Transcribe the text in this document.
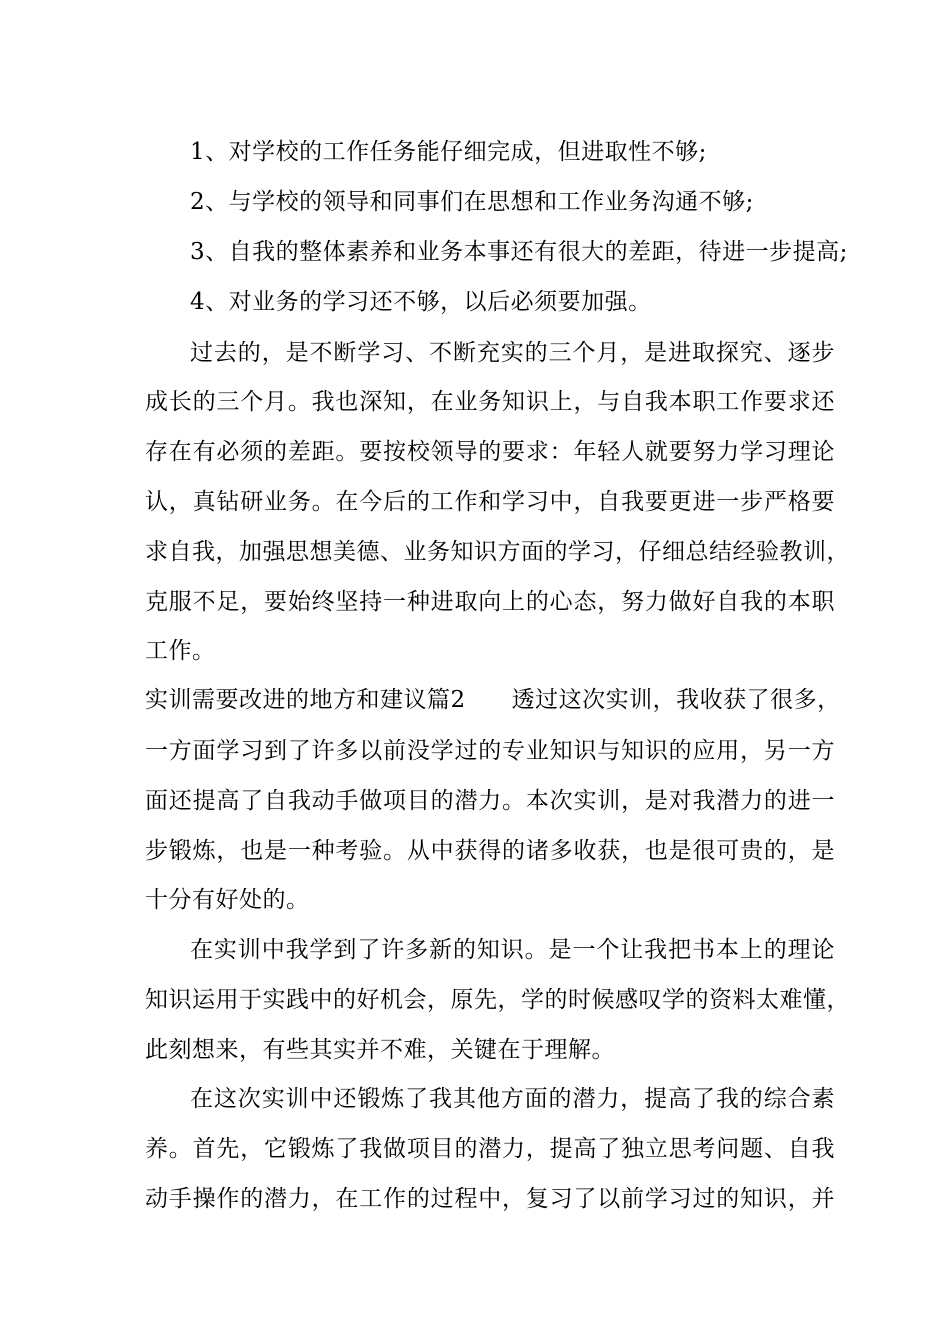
1、对学校的工作任务能仔细完成，但进取性不够;
2、与学校的领导和同事们在思想和工作业务沟通不够;
3、自我的整体素养和业务本事还有很大的差距，待进一步提高;
4、对业务的学习还不够，以后必须要加强。
过去的，是不断学习、不断充实的三个月，是进取探究、逐步
成长的三个月。我也深知，在业务知识上，与自我本职工作要求还
存在有必须的差距。要按校领导的要求：年轻人就要努力学习理论
认，真钻研业务。在今后的工作和学习中，自我要更进一步严格要
求自我，加强思想美德、业务知识方面的学习，仔细总结经验教训，
克服不足，要始终坚持一种进取向上的心态，努力做好自我的本职
工作。
实训需要改进的地方和建议篇2 透过这次实训，我收获了很多，
一方面学习到了许多以前没学过的专业知识与知识的应用，另一方
面还提高了自我动手做项目的潜力。本次实训，是对我潜力的进一
步锻炼，也是一种考验。从中获得的诸多收获，也是很可贵的，是
十分有好处的。
在实训中我学到了许多新的知识。是一个让我把书本上的理论
知识运用于实践中的好机会，原先，学的时候感叹学的资料太难懂，
此刻想来，有些其实并不难，关键在于理解。
在这次实训中还锻炼了我其他方面的潜力，提高了我的综合素
养。首先，它锻炼了我做项目的潜力，提高了独立思考问题、自我
动手操作的潜力，在工作的过程中，复习了以前学习过的知识，并
